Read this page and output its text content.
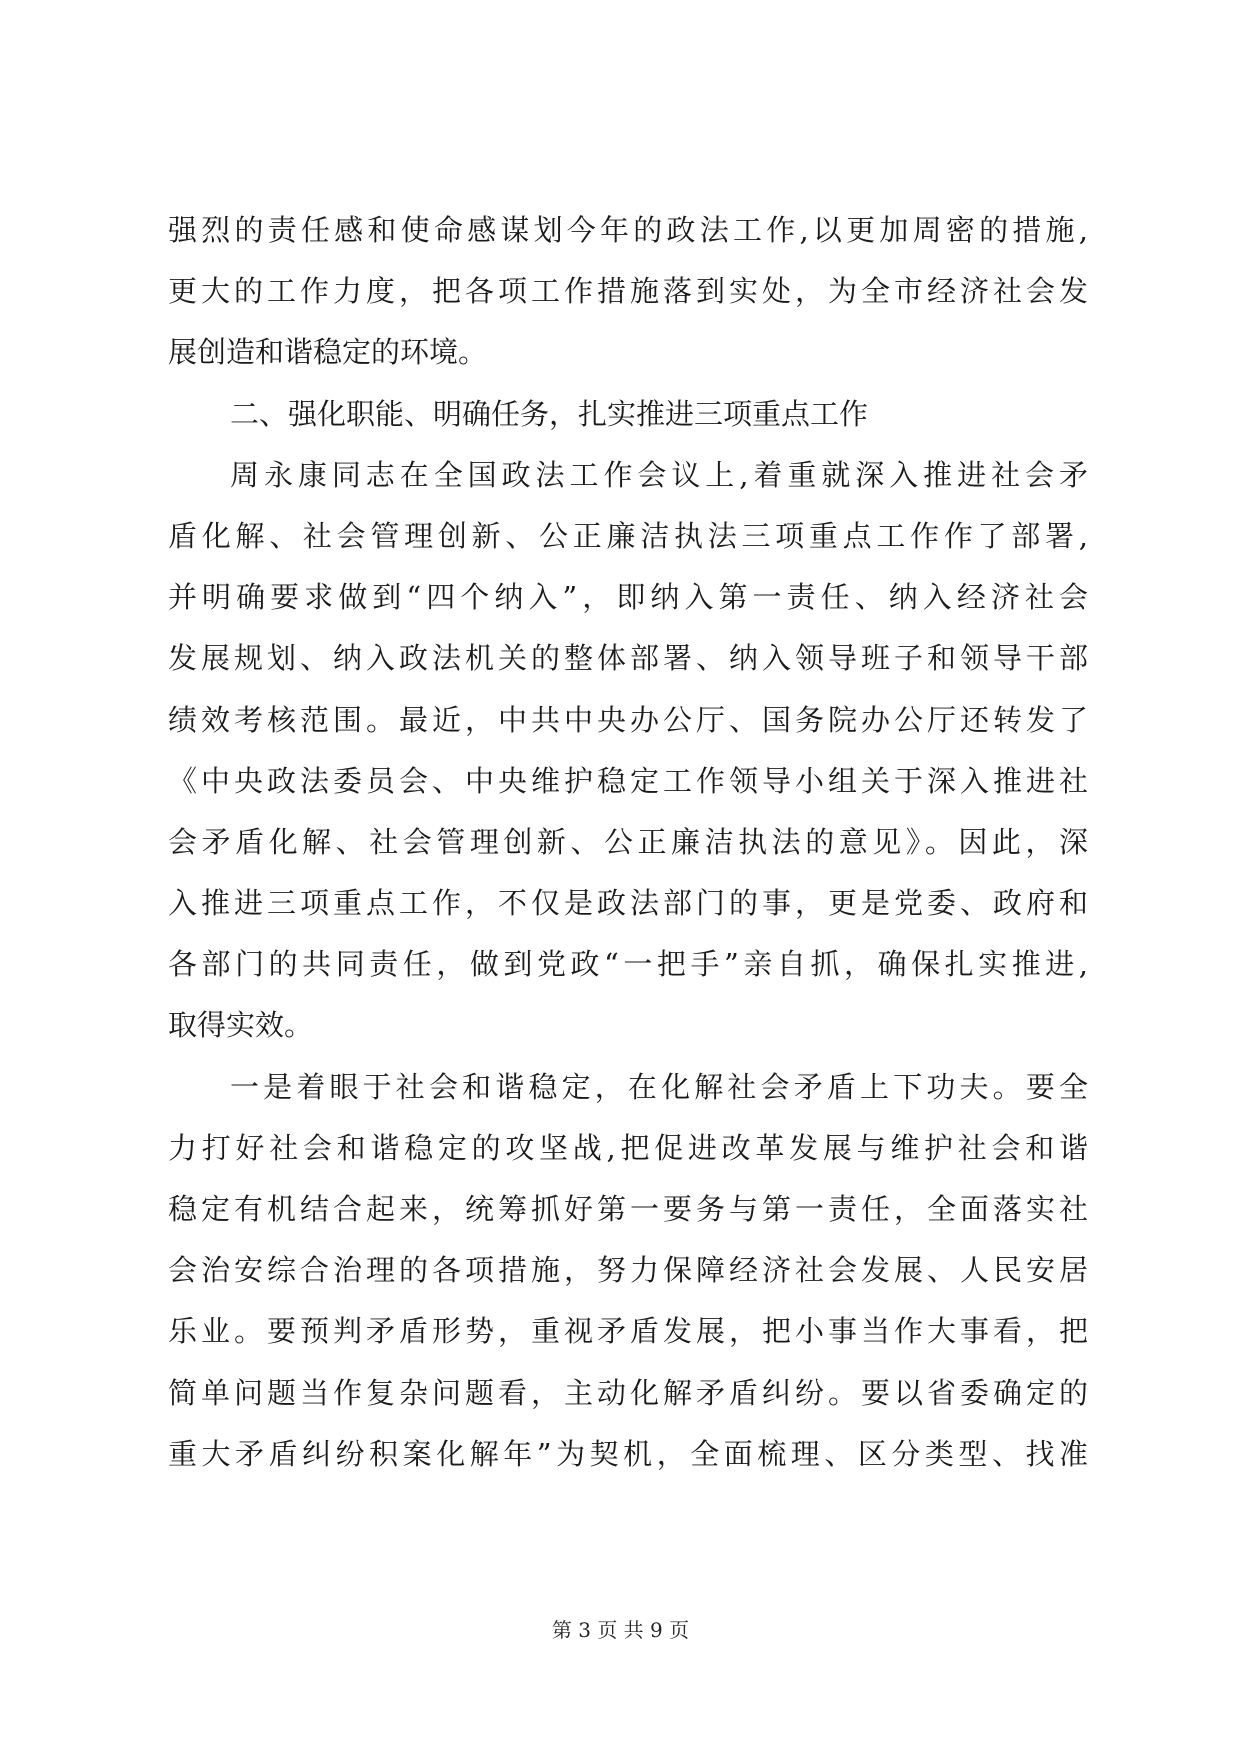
强烈的责任感和使命感谋划今年的政法工作,以更加周密的措施,
更大的工作力度，把各项工作措施落到实处，为全市经济社会发
展创造和谐稳定的环境。
二、强化职能、明确任务，扎实推进三项重点工作
周永康同志在全国政法工作会议上,着重就深入推进社会矛
盾化解、社会管理创新、公正廉洁执法三项重点工作作了部署,
并明确要求做到“四个纳入”，即纳入第一责任、纳入经济社会
发展规划、纳入政法机关的整体部署、纳入领导班子和领导干部
绩效考核范围。最近，中共中央办公厅、国务院办公厅还转发了
《中央政法委员会、中央维护稳定工作领导小组关于深入推进社
会矛盾化解、社会管理创新、公正廉洁执法的意见》。因此，深
入推进三项重点工作，不仅是政法部门的事，更是党委、政府和
各部门的共同责任，做到党政“一把手”亲自抓，确保扎实推进,
取得实效。
一是着眼于社会和谐稳定，在化解社会矛盾上下功夫。要全
力打好社会和谐稳定的攻坚战,把促进改革发展与维护社会和谐
稳定有机结合起来，统筹抓好第一要务与第一责任，全面落实社
会治安综合治理的各项措施，努力保障经济社会发展、人民安居
乐业。要预判矛盾形势，重视矛盾发展，把小事当作大事看，把
简单问题当作复杂问题看，主动化解矛盾纠纷。要以省委确定的
重大矛盾纠纷积案化解年”为契机，全面梳理、区分类型、找准
第 3 页 共 9 页
